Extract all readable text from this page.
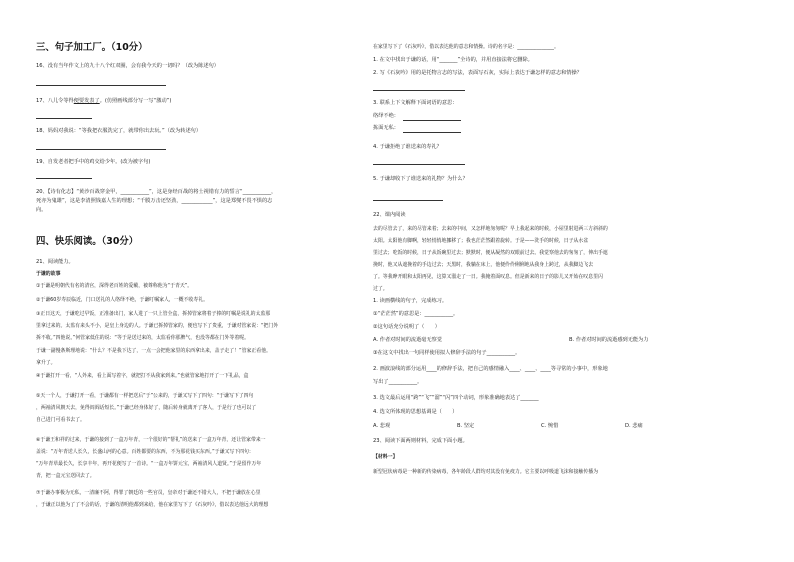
三、句子加工厂。（10分）
16、没有当年作文上的九十八个红双圈，会有我今天的一切吗？（改为陈述句）
17、八儿令等得便要发表了。(仿照画线部分写一写“激动”)
18、妈妈对我说：“等我把衣服洗完了，就带你出去玩。”（改为转述句）
19、自发老者把手中的鸡交给少年。(改为被字句)
20、【诗有化志】“黄沙百战穿金甲，___________”，这是身经百战的将士视错有力的誓言“___________，
死亦为鬼雄”，这是李清照钱嘉人生的理想；“千膜万击还坚劲，____________”，这是郑燮不畏不惧的志
向。
四、快乐阅读。（30分）
21、阅读能力。
于谦的故事
①于谦是明朝代有名的清官，深得老百姓的爱戴，被尊称他为“于青天”。
②于谦60岁寿辰临近，门口送礼的人络绎不绝，于谦叮嘱家人，一概不收寿礼。
③正日这天，于谦吃过早饭，正准备出门，家人进了一只上管全盒，拆掉管家将着子捧的叮嘱是说礼的太监那
里拿过来的。太监有来头不小，是皇上身边的人。于谦已拆掉管家的，便也写下了贵重，于谦对管家说：“把门外
拆不收。”四他说。”何管家低住的说：“等于是送过来的，太监看你那脾气，也没等都在门外等着呢。
于谦一副慢条斯理地说：“什么？不是我下达了，一点一会把他家里的东西拿出来，盖子走了！”管家正看他。
拿升了。
④于谦打开一看，“人外来，看上面写着字，就把打不从我家到来。”也就管家地打开了一下礼品，盒
⑤天一个人，于谦打开一看，于谦都有一样把送后“于”公来的，于谦又写下了四句：“于谦写下了四句
，两袖清风朝天去，免得闾阎话短长。”于谦已经身体好了，随后转身就离开了客人，于是行了也可以了
自己进门可看书去了。
⑥于谦王和祥的过来，于谦的接到了一盒万年青，一个很好的“帮礼”的送来了一盒万年青，还让管家带来一
盖说：“万年青送人长久，长盛山河的心意。百姓都要的东西，不为那花钱买东西。”于谦又写下四句：
“万年青草最长久，长享丰年，再开花便写了一首诗。“一盒万年饼元宝，两袖清风人道贤。”于是留作万年
青，把一盒元宝送回去了。
⑦于谦办事极为无私，一清廉不阿，得罪了朝廷的一些官员，皇帝对于谦还不错大人，不把于谦放在心里
，于谦正以他为了了不会的话，于谦的清明他都到来给，他在家里写下了《石灰吟》，借以表达他远大的理想
在家里写下了《石灰吟》，借以表达他的意志和情操。诗的名字是：_______________。
1. 在文中找出于谦的话，用“_______”全诗的，并用直接法将它删除。
2. 写《石灰吟》用的是托物言志的写法，表面写石灰，实际上表达于谦怎样的意志和情操？
3. 联系上下文解释下面词语的意思：
络绎不绝：
拣面无私：
4. 于谦拒绝了谁送来的寿礼？
5. 于谦却收下了谁送来的礼物？为什么？
22、课内阅读
去的尽管去了，来的尽管来着；去来的中间，又怎样地匆匆呢？早上我起来的时候，小屋里射进两三方斜斜的
太阳。太阳他有脚啊，轻轻悄悄地挪移了；我也茫茫然跟着旋转。于是——洗手的时候，日子从水盆
里过去；吃饭的时候，日子从饭碗里过去；默默时，便从凝然的双眼前过去。我觉察他去的匆匆了，伸出手遮
挽时，他又从遮挽着的手边过去；天黑时，我躺在床上，他便伶伶俐俐地从我身上跨过，从我脚边飞去
了。等我睁开眼和太阳再见，这算又溜走了一日。我掩着面叹息。但是新来的日子的影儿又开始在叹息里闪
过了。
1. 读画横线的句子，完成练习。
①“茫茫然”的意思是：___________。
②这句话充分说明了（　　）
A. 作者对时间的流逝毫无察觉	B. 作者对时间的流逝感到无能为力
③在这文中找出一句同样使用拟人修辞手法的句子___________。
2. 画波浪线的部分运用____的修辞手法，把自己的感情融入____、____、____等寻常的小事中，形象地
写出了___________。
3. 选文最后运用“跨”“飞”“溜”“闪”四个动词，形象准确地表达了_______
4. 选文所体现的思想基调是（　　）
A. 悲观	B. 坚定	C. 惋惜	D. 悲痛
23、阅读下面两则材料，完成下面小题。
【材料一】
新型冠状病毒是一种新的传染病毒，各年龄段人群均对其没有免疫力。它主要以呼吸道飞沫和接触传播为
